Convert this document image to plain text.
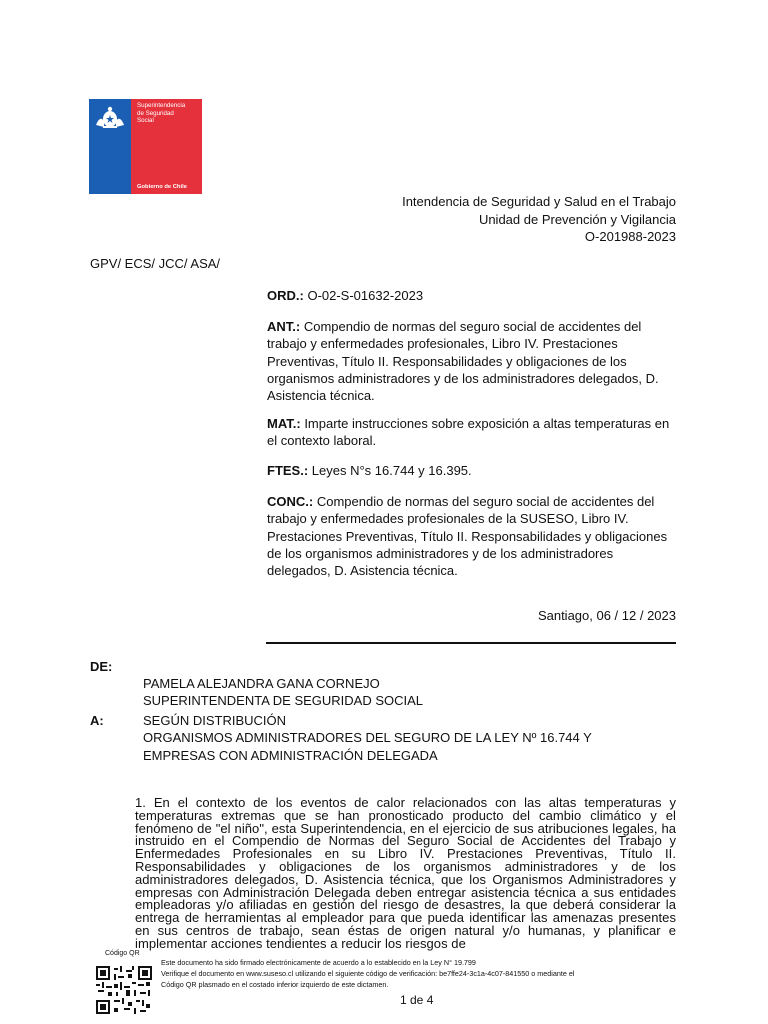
Superintendencia
de Seguridad
Social
Gobierno de Chile
Intendencia de Seguridad y Salud en el Trabajo
Unidad de Prevención y Vigilancia
O-201988-2023
GPV/ ECS/ JCC/ ASA/
ORD.: O-02-S-01632-2023
ANT.: Compendio de normas del seguro social de accidentes del trabajo y enfermedades profesionales, Libro IV. Prestaciones Preventivas, Título II. Responsabilidades y obligaciones de los organismos administradores y de los administradores delegados, D. Asistencia técnica.
MAT.: Imparte instrucciones sobre exposición a altas temperaturas en el contexto laboral.
FTES.: Leyes N°s 16.744 y 16.395.
CONC.: Compendio de normas del seguro social de accidentes del trabajo y enfermedades profesionales de la SUSESO, Libro IV. Prestaciones Preventivas, Título II. Responsabilidades y obligaciones de los organismos administradores y de los administradores delegados, D. Asistencia técnica.
Santiago, 06 / 12 / 2023
DE:
PAMELA ALEJANDRA GANA CORNEJO
SUPERINTENDENTA DE SEGURIDAD SOCIAL
A:	SEGÚN DISTRIBUCIÓN
ORGANISMOS ADMINISTRADORES DEL SEGURO DE LA LEY Nº 16.744 Y
EMPRESAS CON ADMINISTRACIÓN DELEGADA
1. En el contexto de los eventos de calor relacionados con las altas temperaturas y temperaturas extremas que se han pronosticado producto del cambio climático y el fenómeno de "el niño", esta Superintendencia, en el ejercicio de sus atribuciones legales, ha instruido en el Compendio de Normas del Seguro Social de Accidentes del Trabajo y Enfermedades Profesionales en su Libro IV. Prestaciones Preventivas, Título II. Responsabilidades y obligaciones de los organismos administradores y de los administradores delegados, D. Asistencia técnica, que los Organismos Administradores y empresas con Administración Delegada deben entregar asistencia técnica a sus entidades empleadoras y/o afiliadas en gestión del riesgo de desastres, la que deberá considerar la entrega de herramientas al empleador para que pueda identificar las amenazas presentes en sus centros de trabajo, sean éstas de origen natural y/o humanas, y planificar e implementar acciones tendientes a reducir los riesgos de
Código QR
Este documento ha sido firmado electrónicamente de acuerdo a lo establecido en la Ley N° 19.799
Verifique el documento en www.suseso.cl utilizando el siguiente código de verificación: be7ffe24-3c1a-4c07-841550 o mediante el
Código QR plasmado en el costado inferior izquierdo de este dictamen.
1 de 4
